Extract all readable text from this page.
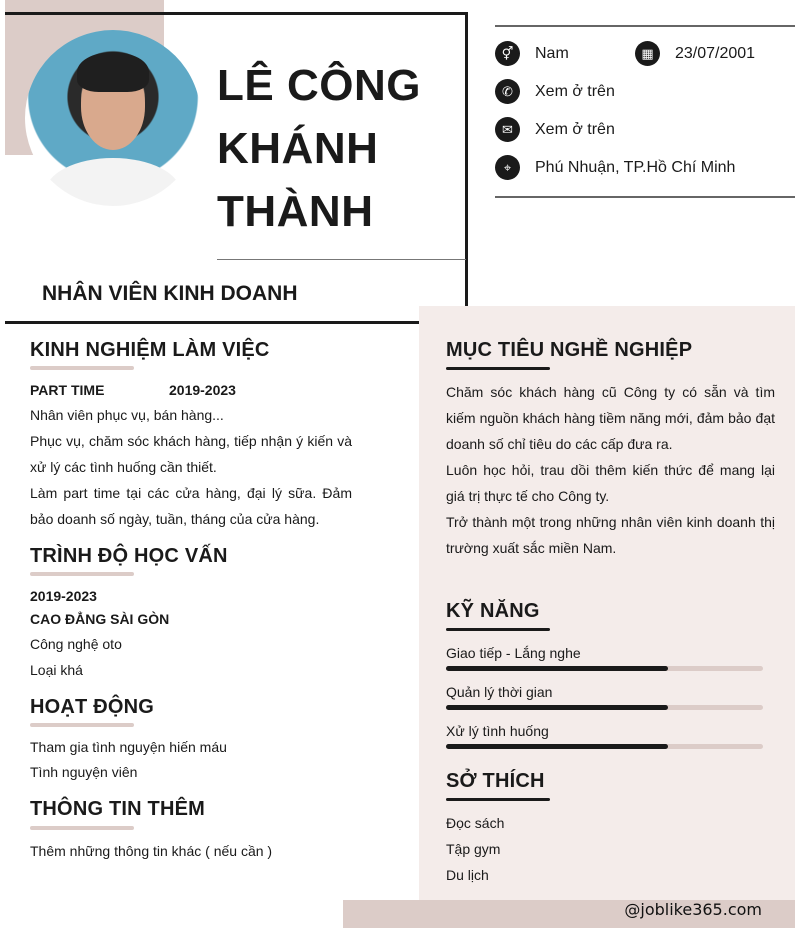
LÊ CÔNG
KHÁNH
THÀNH
NHÂN VIÊN KINH DOANH
⚥	Nam	▦	23/07/2001
✆	Xem ở trên
✉	Xem ở trên
⌖	Phú Nhuận, TP.Hồ Chí Minh
KINH NGHIỆM LÀM VIỆC
PART TIME	2019-2023
Nhân viên phục vụ, bán hàng...
Phục vụ, chăm sóc khách hàng, tiếp nhận ý kiến và xử lý các tình huống cần thiết.
Làm part time tại các cửa hàng, đại lý sữa. Đảm bảo doanh số ngày, tuần, tháng của cửa hàng.
TRÌNH ĐỘ HỌC VẤN
2019-2023
CAO ĐẲNG SÀI GÒN
Công nghệ oto
Loại khá
HOẠT ĐỘNG
Tham gia tình nguyện hiến máu
Tình nguyện viên
THÔNG TIN THÊM
Thêm những thông tin khác ( nếu cần )
MỤC TIÊU NGHỀ NGHIỆP
Chăm sóc khách hàng cũ Công ty có sẵn và tìm kiếm nguồn khách hàng tiềm năng mới, đảm bảo đạt doanh số chỉ tiêu do các cấp đưa ra.
Luôn học hỏi, trau dồi thêm kiến thức để mang lại giá trị thực tế cho Công ty.
Trở thành một trong những nhân viên kinh doanh thị trường xuất sắc miền Nam.
KỸ NĂNG
Giao tiếp - Lắng nghe
Quản lý thời gian
Xử lý tình huống
SỞ THÍCH
Đọc sách
Tập gym
Du lịch
@joblike365.com
